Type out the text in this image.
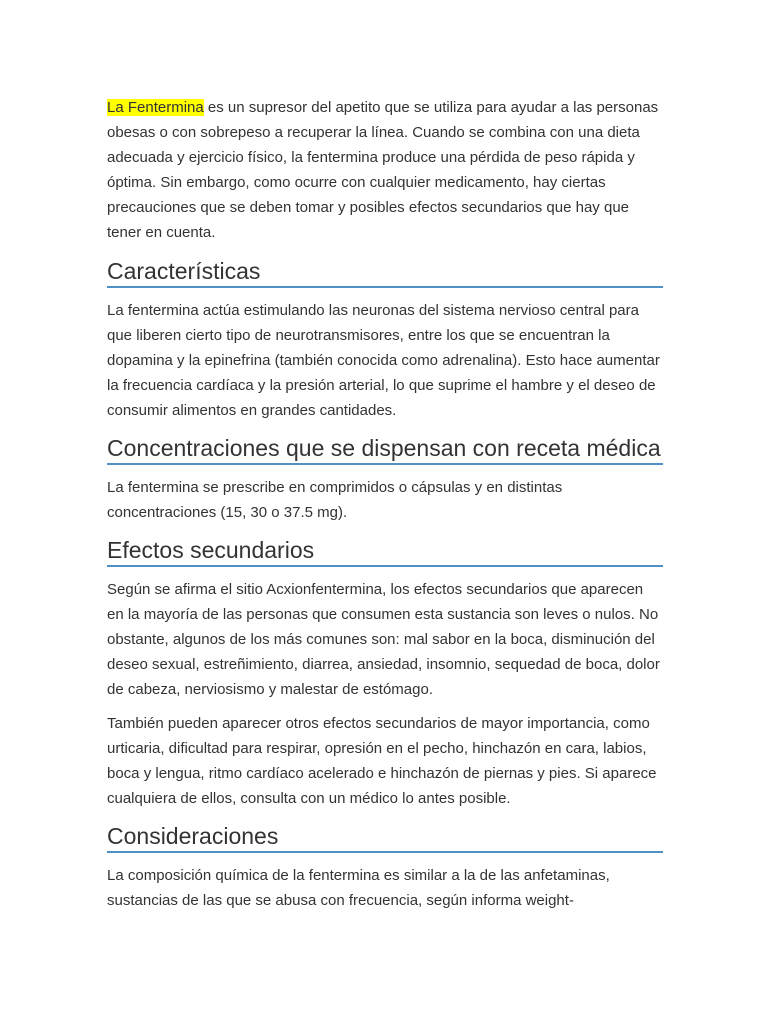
La Fentermina es un supresor del apetito que se utiliza para ayudar a las personas obesas o con sobrepeso a recuperar la línea. Cuando se combina con una dieta adecuada y ejercicio físico, la fentermina produce una pérdida de peso rápida y óptima. Sin embargo, como ocurre con cualquier medicamento, hay ciertas precauciones que se deben tomar y posibles efectos secundarios que hay que tener en cuenta.

Características

La fentermina actúa estimulando las neuronas del sistema nervioso central para que liberen cierto tipo de neurotransmisores, entre los que se encuentran la dopamina y la epinefrina (también conocida como adrenalina). Esto hace aumentar la frecuencia cardíaca y la presión arterial, lo que suprime el hambre y el deseo de consumir alimentos en grandes cantidades.

Concentraciones que se dispensan con receta médica

La fentermina se prescribe en comprimidos o cápsulas y en distintas concentraciones (15, 30 o 37.5 mg).

Efectos secundarios

Según se afirma el sitio Acxionfentermina, los efectos secundarios que aparecen en la mayoría de las personas que consumen esta sustancia son leves o nulos. No obstante, algunos de los más comunes son: mal sabor en la boca, disminución del deseo sexual, estreñimiento, diarrea, ansiedad, insomnio, sequedad de boca, dolor de cabeza, nerviosismo y malestar de estómago.

También pueden aparecer otros efectos secundarios de mayor importancia, como urticaria, dificultad para respirar, opresión en el pecho, hinchazón en cara, labios, boca y lengua, ritmo cardíaco acelerado e hinchazón de piernas y pies. Si aparece cualquiera de ellos, consulta con un médico lo antes posible.

Consideraciones

La composición química de la fentermina es similar a la de las anfetaminas, sustancias de las que se abusa con frecuencia, según informa weight-
